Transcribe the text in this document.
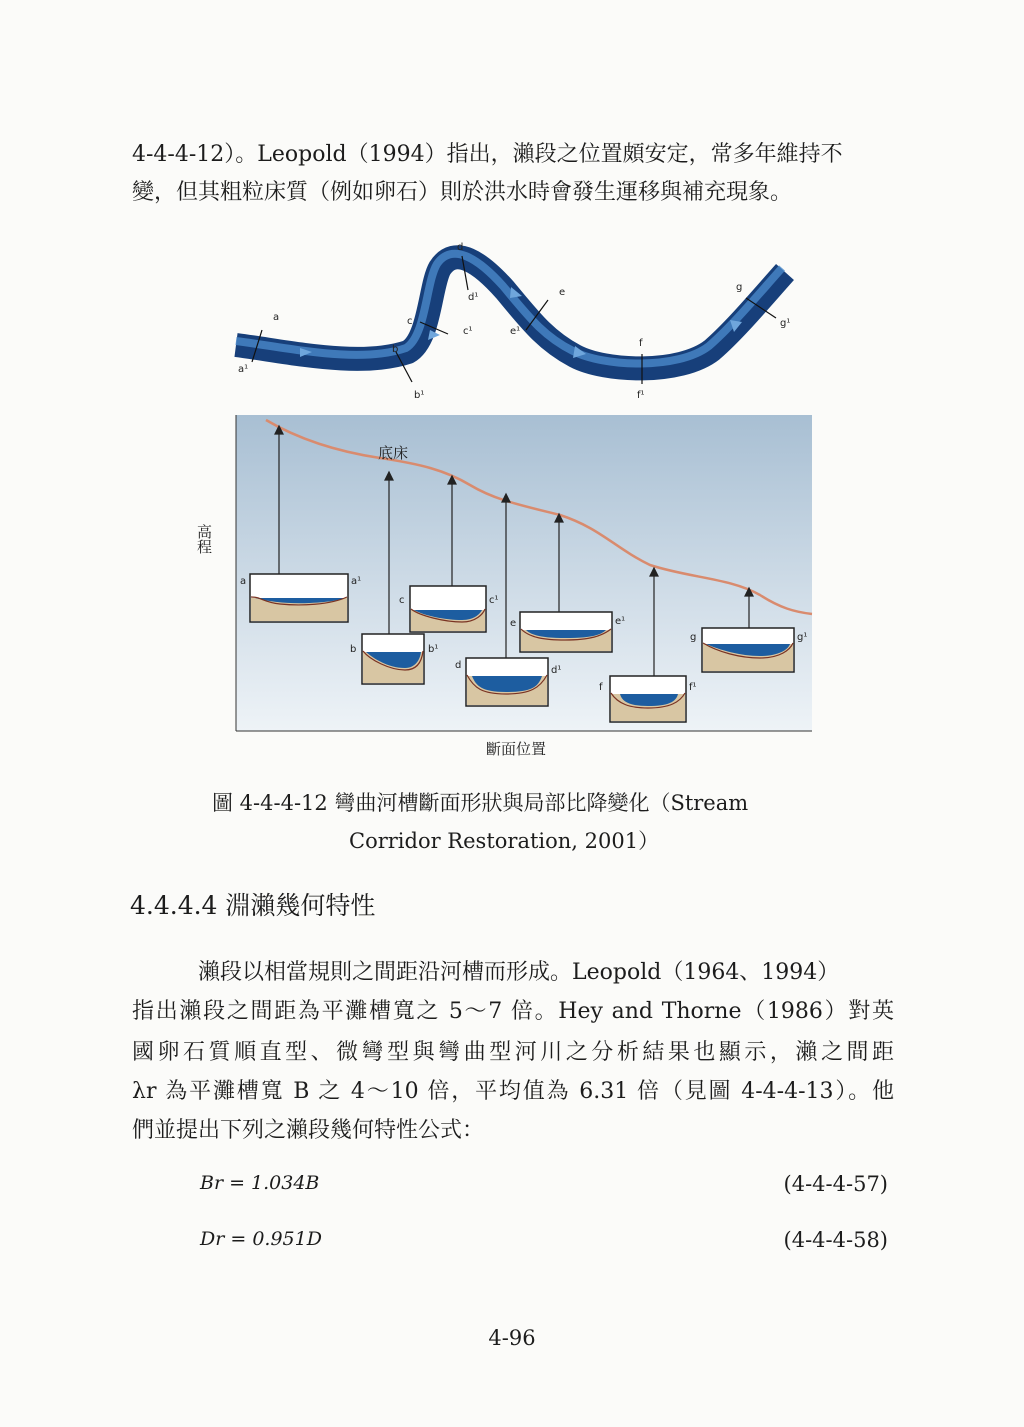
4-4-4-12）。Leopold（1994）指出，瀨段之位置頗安定，常多年維持不
變，但其粗粒床質（例如卵石）則於洪水時會發生運移與補充現象。
a
a¹
b
b¹
c
c¹
d
d¹	e
e¹
f
f¹
g
g¹
底床
a	a¹
b	b¹
c	c¹
d	d¹
e	e¹
f	f¹
g	g¹
高程
斷面位置
圖 4-4-4-12 彎曲河槽斷面形狀與局部比降變化（Stream
Corridor Restoration, 2001）
4.4.4.4 淵瀨幾何特性
瀨段以相當規則之間距沿河槽而形成。Leopold（1964、1994）
指出瀨段之間距為平灘槽寬之 5～7 倍。Hey and Thorne（1986）對英
國卵石質順直型、微彎型與彎曲型河川之分析結果也顯示，瀨之間距
λr 為平灘槽寬 B 之 4～10 倍，平均值為 6.31 倍（見圖 4-4-4-13）。他
們並提出下列之瀨段幾何特性公式：
Br = 1.034B	(4-4-4-57)
Dr = 0.951D	(4-4-4-58)
4-96
